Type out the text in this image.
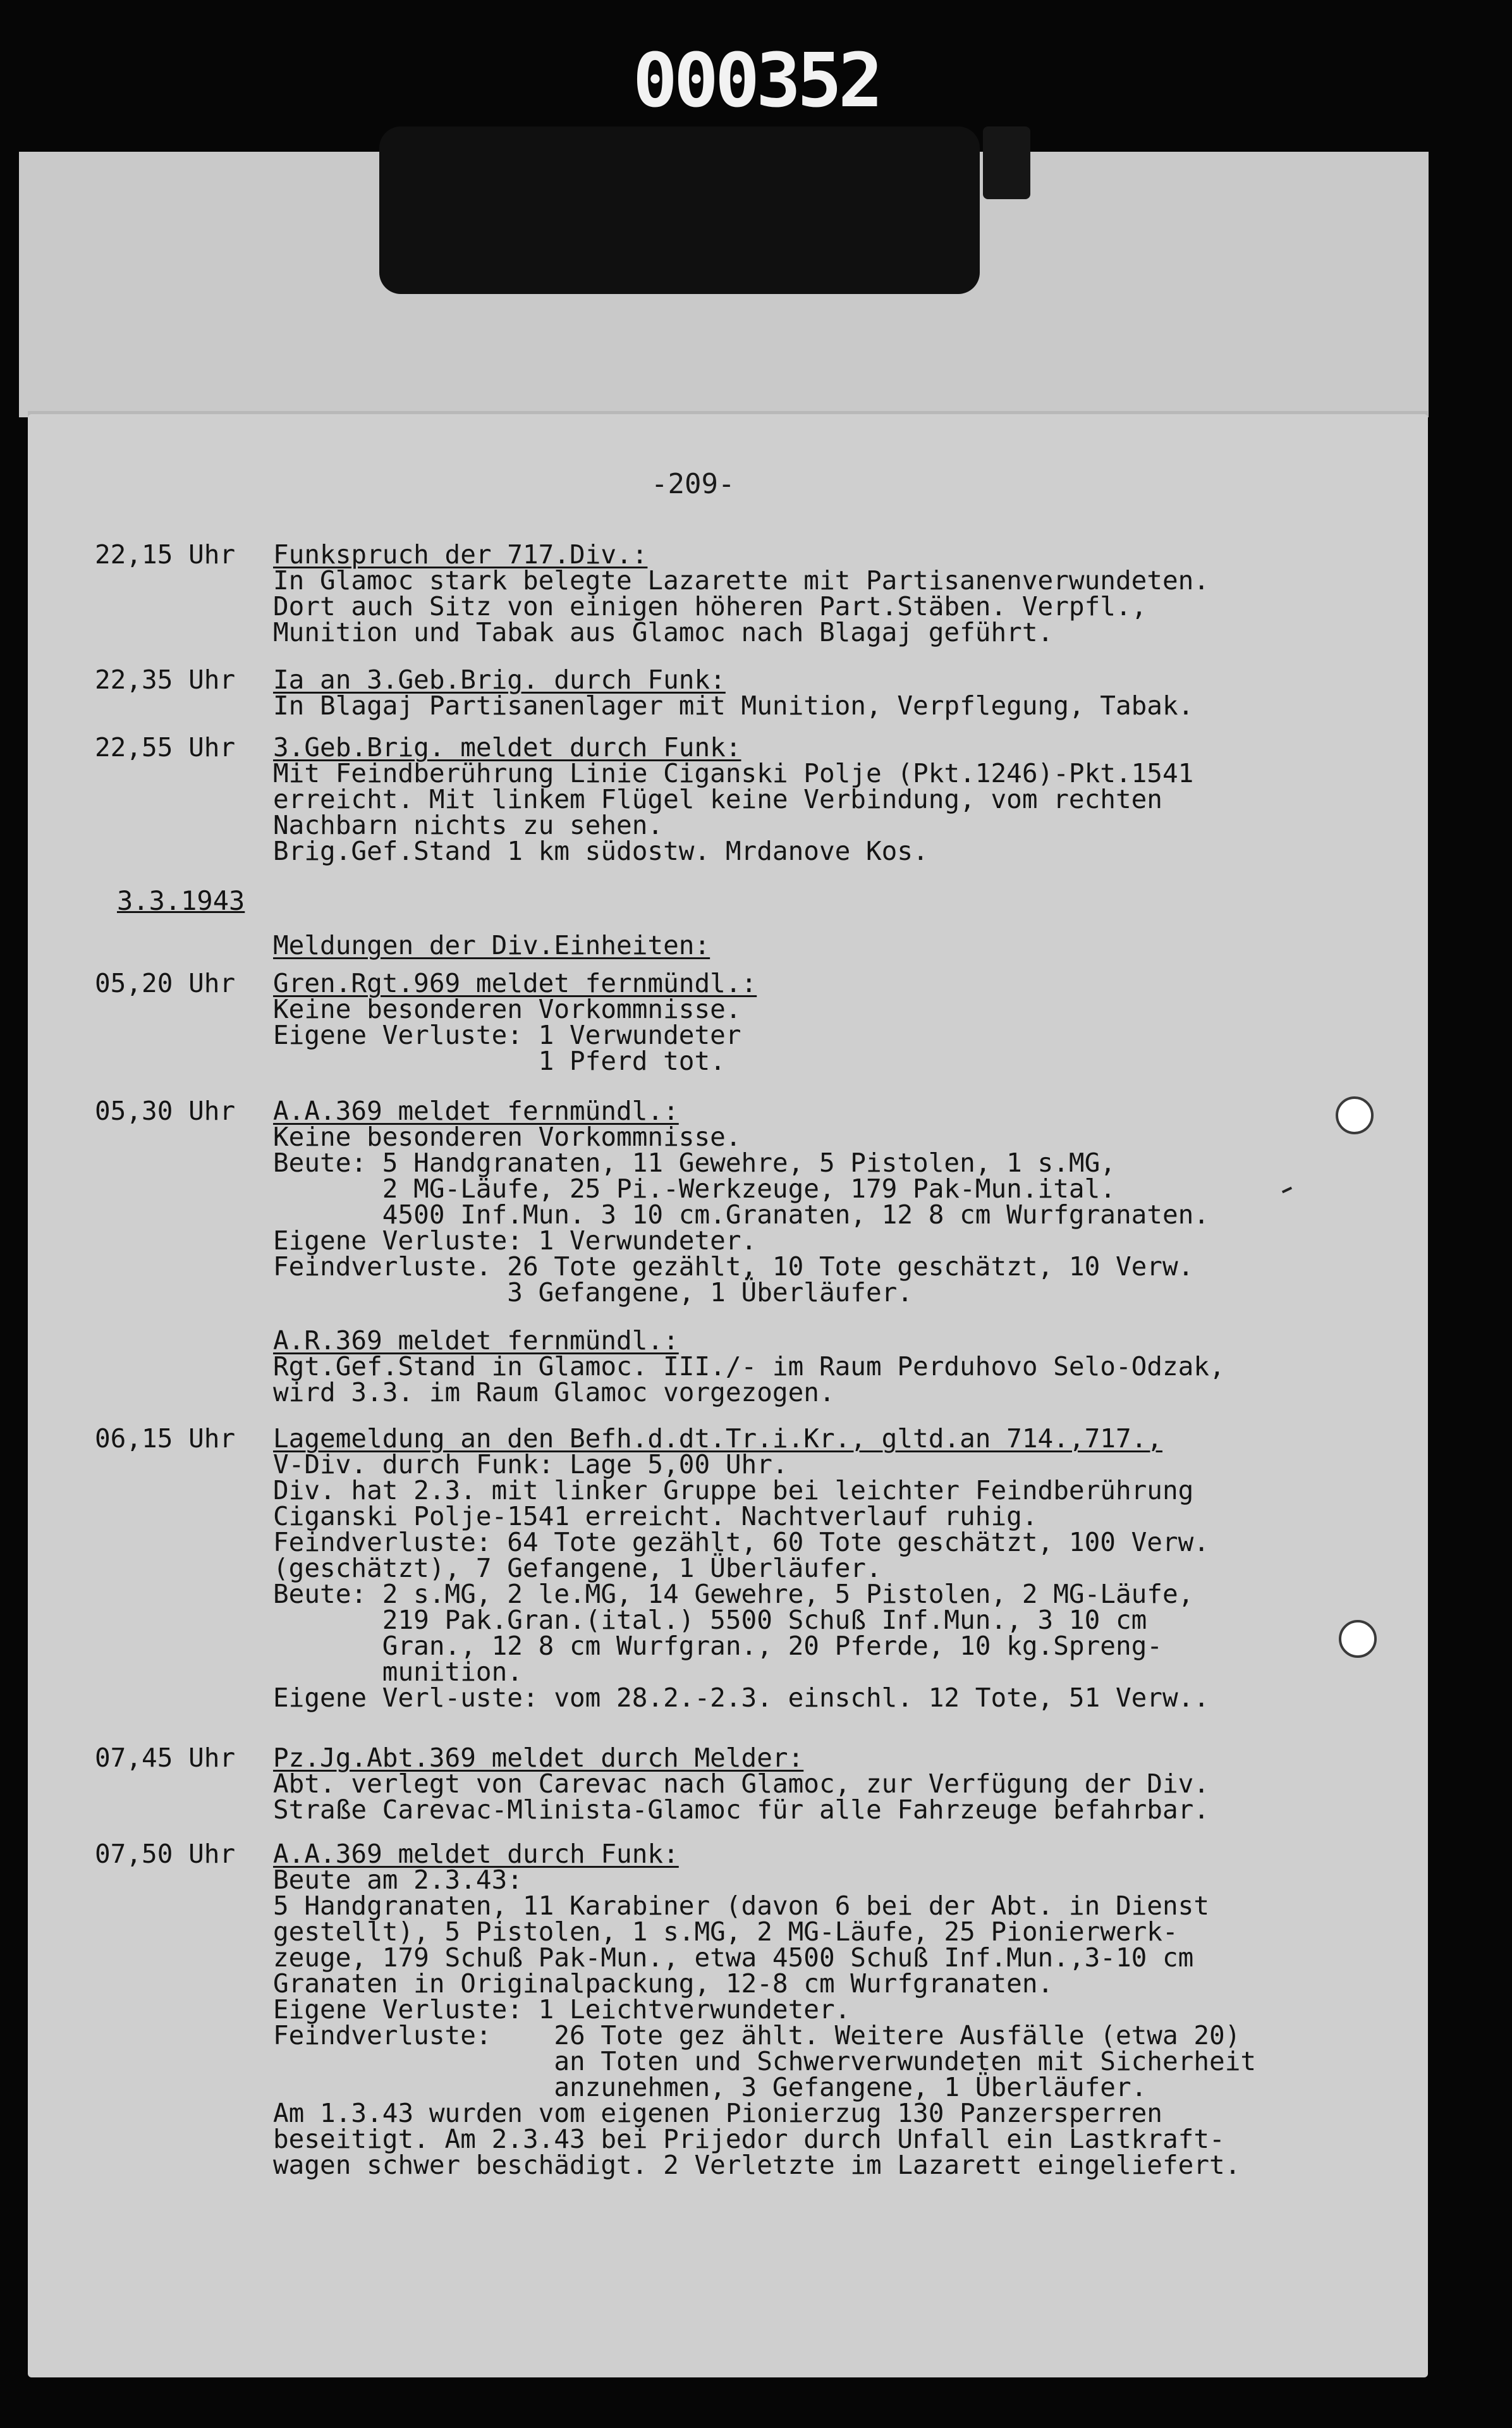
000352
-209-
3.3.1943
22,15 Uhr Funkspruch der 717.Div.:
In Glamoc stark belegte Lazarette mit Partisanenverwundeten.
Dort auch Sitz von einigen höheren Part.Stäben. Verpfl.,
Munition und Tabak aus Glamoc nach Blagaj geführt.
22,35 Uhr Ia an 3.Geb.Brig. durch Funk:
In Blagaj Partisanenlager mit Munition, Verpflegung, Tabak.
22,55 Uhr 3.Geb.Brig. meldet durch Funk:
Mit Feindberührung Linie Ciganski Polje (Pkt.1246)-Pkt.1541
erreicht. Mit linkem Flügel keine Verbindung, vom rechten
Nachbarn nichts zu sehen.
Brig.Gef.Stand 1 km südostw. Mrdanove Kos.
Meldungen der Div.Einheiten:
05,20 Uhr Gren.Rgt.969 meldet fernmündl.:
Keine besonderen Vorkommnisse.
Eigene Verluste: 1 Verwundeter
1 Pferd tot.
05,30 Uhr A.A.369 meldet fernmündl.:
Keine besonderen Vorkommnisse.
Beute: 5 Handgranaten, 11 Gewehre, 5 Pistolen, 1 s.MG,
2 MG-Läufe, 25 Pi.-Werkzeuge, 179 Pak-Mun.ital.
4500 Inf.Mun. 3 10 cm.Granaten, 12 8 cm Wurfgranaten.
Eigene Verluste: 1 Verwundeter.
Feindverluste. 26 Tote gezählt, 10 Tote geschätzt, 10 Verw.
3 Gefangene, 1 Überläufer.
A.R.369 meldet fernmündl.:
Rgt.Gef.Stand in Glamoc. III./- im Raum Perduhovo Selo-Odzak,
wird 3.3. im Raum Glamoc vorgezogen.
06,15 Uhr Lagemeldung an den Befh.d.dt.Tr.i.Kr., gltd.an 714.,717.,
V-Div. durch Funk: Lage 5,00 Uhr.
Div. hat 2.3. mit linker Gruppe bei leichter Feindberührung
Ciganski Polje-1541 erreicht. Nachtverlauf ruhig.
Feindverluste: 64 Tote gezählt, 60 Tote geschätzt, 100 Verw.
(geschätzt), 7 Gefangene, 1 Überläufer.
Beute: 2 s.MG, 2 le.MG, 14 Gewehre, 5 Pistolen, 2 MG-Läufe,
219 Pak.Gran.(ital.) 5500 Schuß Inf.Mun., 3 10 cm
Gran., 12 8 cm Wurfgran., 20 Pferde, 10 kg.Spreng-
munition.
Eigene Verl-uste: vom 28.2.-2.3. einschl. 12 Tote, 51 Verw..
07,45 Uhr Pz.Jg.Abt.369 meldet durch Melder:
Abt. verlegt von Carevac nach Glamoc, zur Verfügung der Div.
Straße Carevac-Mlinista-Glamoc für alle Fahrzeuge befahrbar.
07,50 Uhr A.A.369 meldet durch Funk:
Beute am 2.3.43:
5 Handgranaten, 11 Karabiner (davon 6 bei der Abt. in Dienst
gestellt), 5 Pistolen, 1 s.MG, 2 MG-Läufe, 25 Pionierwerk-
zeuge, 179 Schuß Pak-Mun., etwa 4500 Schuß Inf.Mun.,3-10 cm
Granaten in Originalpackung, 12-8 cm Wurfgranaten.
Eigene Verluste: 1 Leichtverwundeter.
Feindverluste:    26 Tote gez ählt. Weitere Ausfälle (etwa 20)
an Toten und Schwerverwundeten mit Sicherheit
anzunehmen, 3 Gefangene, 1 Überläufer.
Am 1.3.43 wurden vom eigenen Pionierzug 130 Panzersperren
beseitigt. Am 2.3.43 bei Prijedor durch Unfall ein Lastkraft-
wagen schwer beschädigt. 2 Verletzte im Lazarett eingeliefert.
